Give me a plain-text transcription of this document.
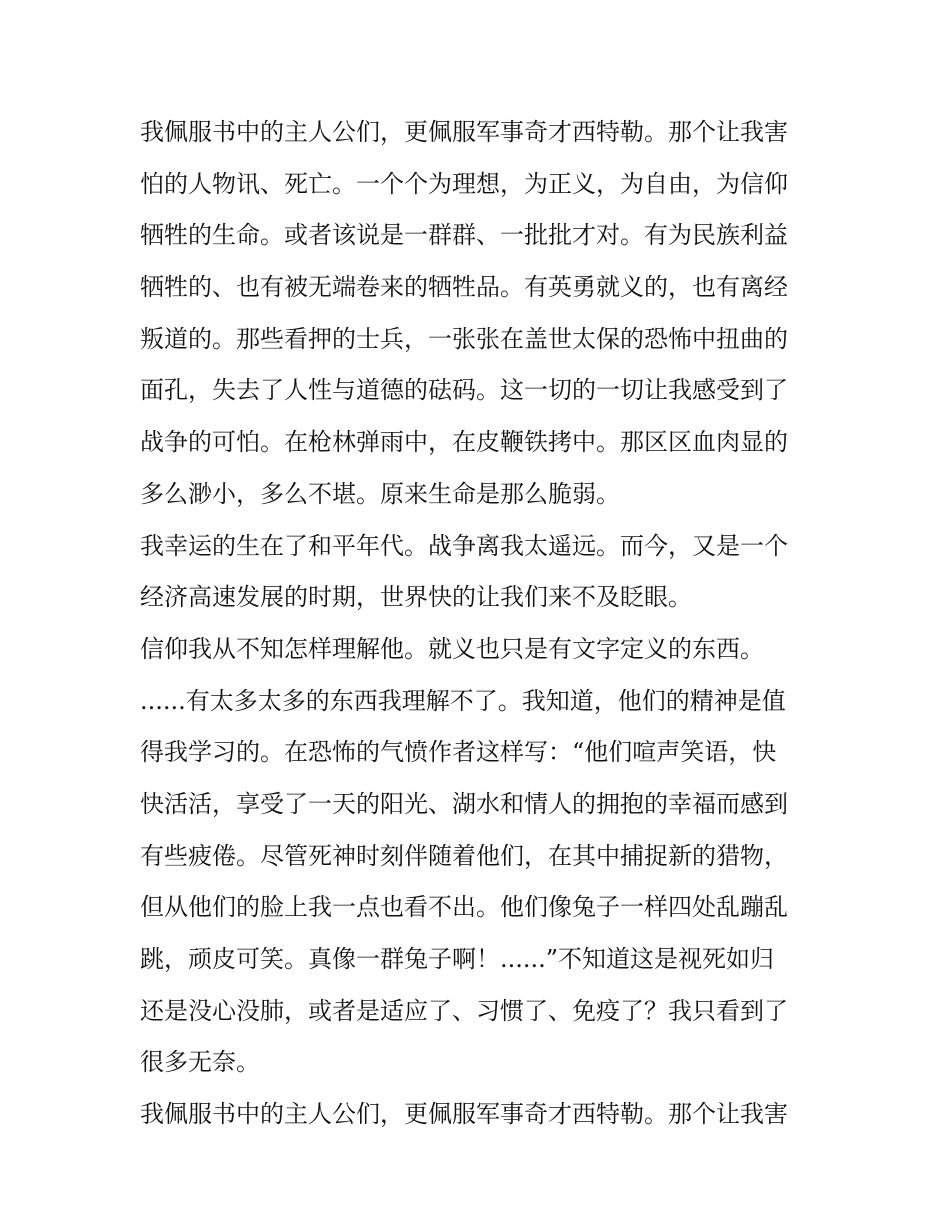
我佩服书中的主人公们，更佩服军事奇才西特勒。那个让我害
怕的人物讯、死亡。一个个为理想，为正义，为自由，为信仰
牺牲的生命。或者该说是一群群、一批批才对。有为民族利益
牺牲的、也有被无端卷来的牺牲品。有英勇就义的，也有离经
叛道的。那些看押的士兵，一张张在盖世太保的恐怖中扭曲的
面孔，失去了人性与道德的砝码。这一切的一切让我感受到了
战争的可怕。在枪林弹雨中，在皮鞭铁拷中。那区区血肉显的
多么渺小，多么不堪。原来生命是那么脆弱。
我幸运的生在了和平年代。战争离我太遥远。而今，又是一个
经济高速发展的时期，世界快的让我们来不及眨眼。
信仰我从不知怎样理解他。就义也只是有文字定义的东西。
......有太多太多的东西我理解不了。我知道，他们的精神是值
得我学习的。在恐怖的气愤作者这样写：“他们喧声笑语，快
快活活，享受了一天的阳光、湖水和情人的拥抱的幸福而感到
有些疲倦。尽管死神时刻伴随着他们，在其中捕捉新的猎物，
但从他们的脸上我一点也看不出。他们像兔子一样四处乱蹦乱
跳，顽皮可笑。真像一群兔子啊！......”不知道这是视死如归
还是没心没肺，或者是适应了、习惯了、免疫了？我只看到了
很多无奈。
我佩服书中的主人公们，更佩服军事奇才西特勒。那个让我害
